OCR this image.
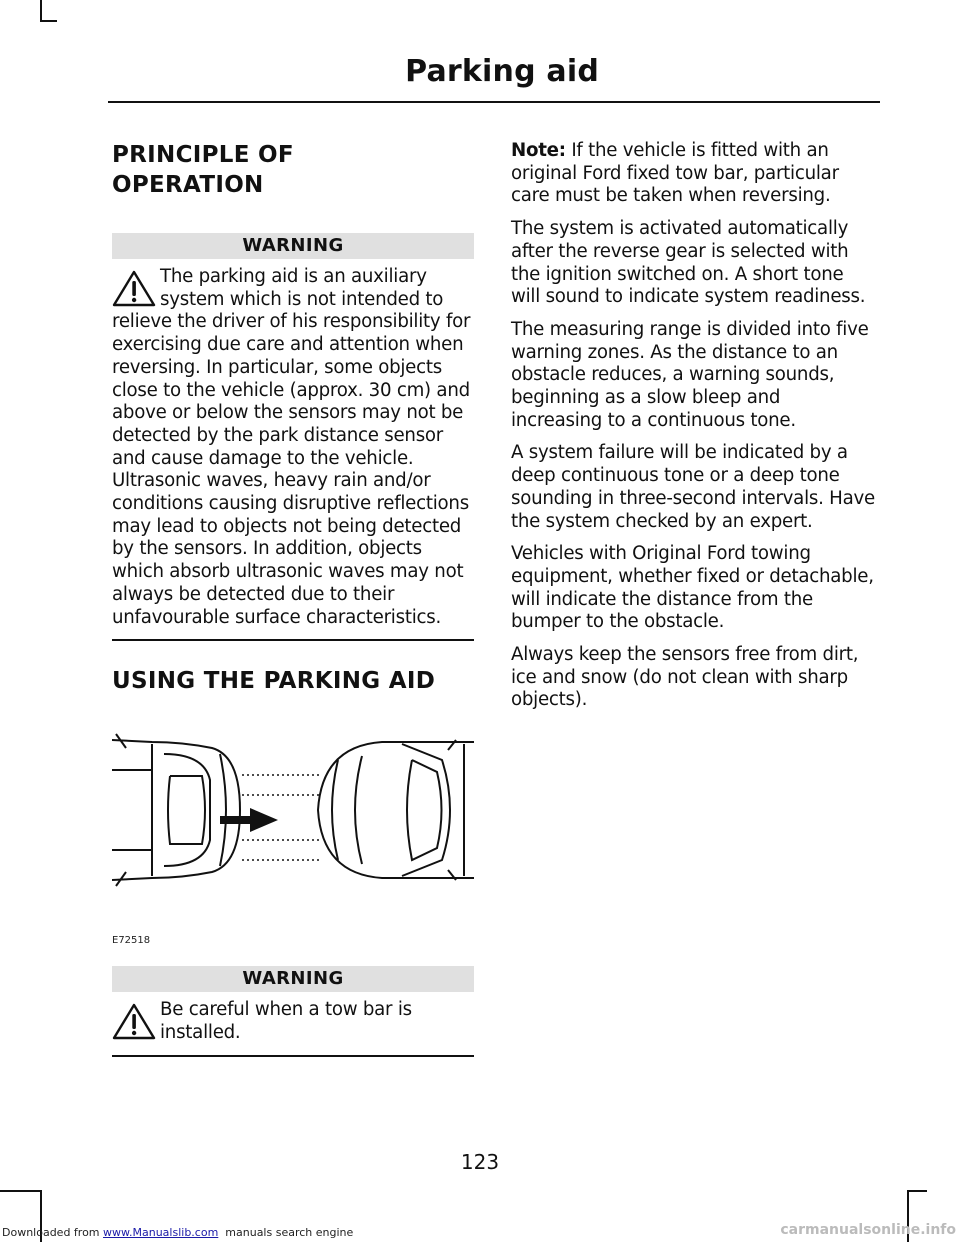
Parking aid
PRINCIPLE OF OPERATION
WARNING
The parking aid is an auxiliary system which is not intended to relieve the driver of his responsibility for exercising due care and attention when reversing. In particular, some objects close to the vehicle (approx. 30 cm) and above or below the sensors may not be detected by the park distance sensor and cause damage to the vehicle. Ultrasonic waves, heavy rain and/or conditions causing disruptive reflections may lead to objects not being detected by the sensors. In addition, objects which absorb ultrasonic waves may not always be detected due to their unfavourable surface characteristics.
USING THE PARKING AID
E72518
WARNING
Be careful when a tow bar is installed.

Note: If the vehicle is fitted with an original Ford fixed tow bar, particular care must be taken when reversing.

The system is activated automatically after the reverse gear is selected with the ignition switched on. A short tone will sound to indicate system readiness.

The measuring range is divided into five warning zones. As the distance to an obstacle reduces, a warning sounds, beginning as a slow bleep and increasing to a continuous tone.

A system failure will be indicated by a deep continuous tone or a deep tone sounding in three-second intervals. Have the system checked by an expert.

Vehicles with Original Ford towing equipment, whether fixed or detachable, will indicate the distance from the bumper to the obstacle.

Always keep the sensors free from dirt, ice and snow (do not clean with sharp objects).

123
Downloaded from www.Manualslib.com  manuals search engine	carmanualsonline.info
